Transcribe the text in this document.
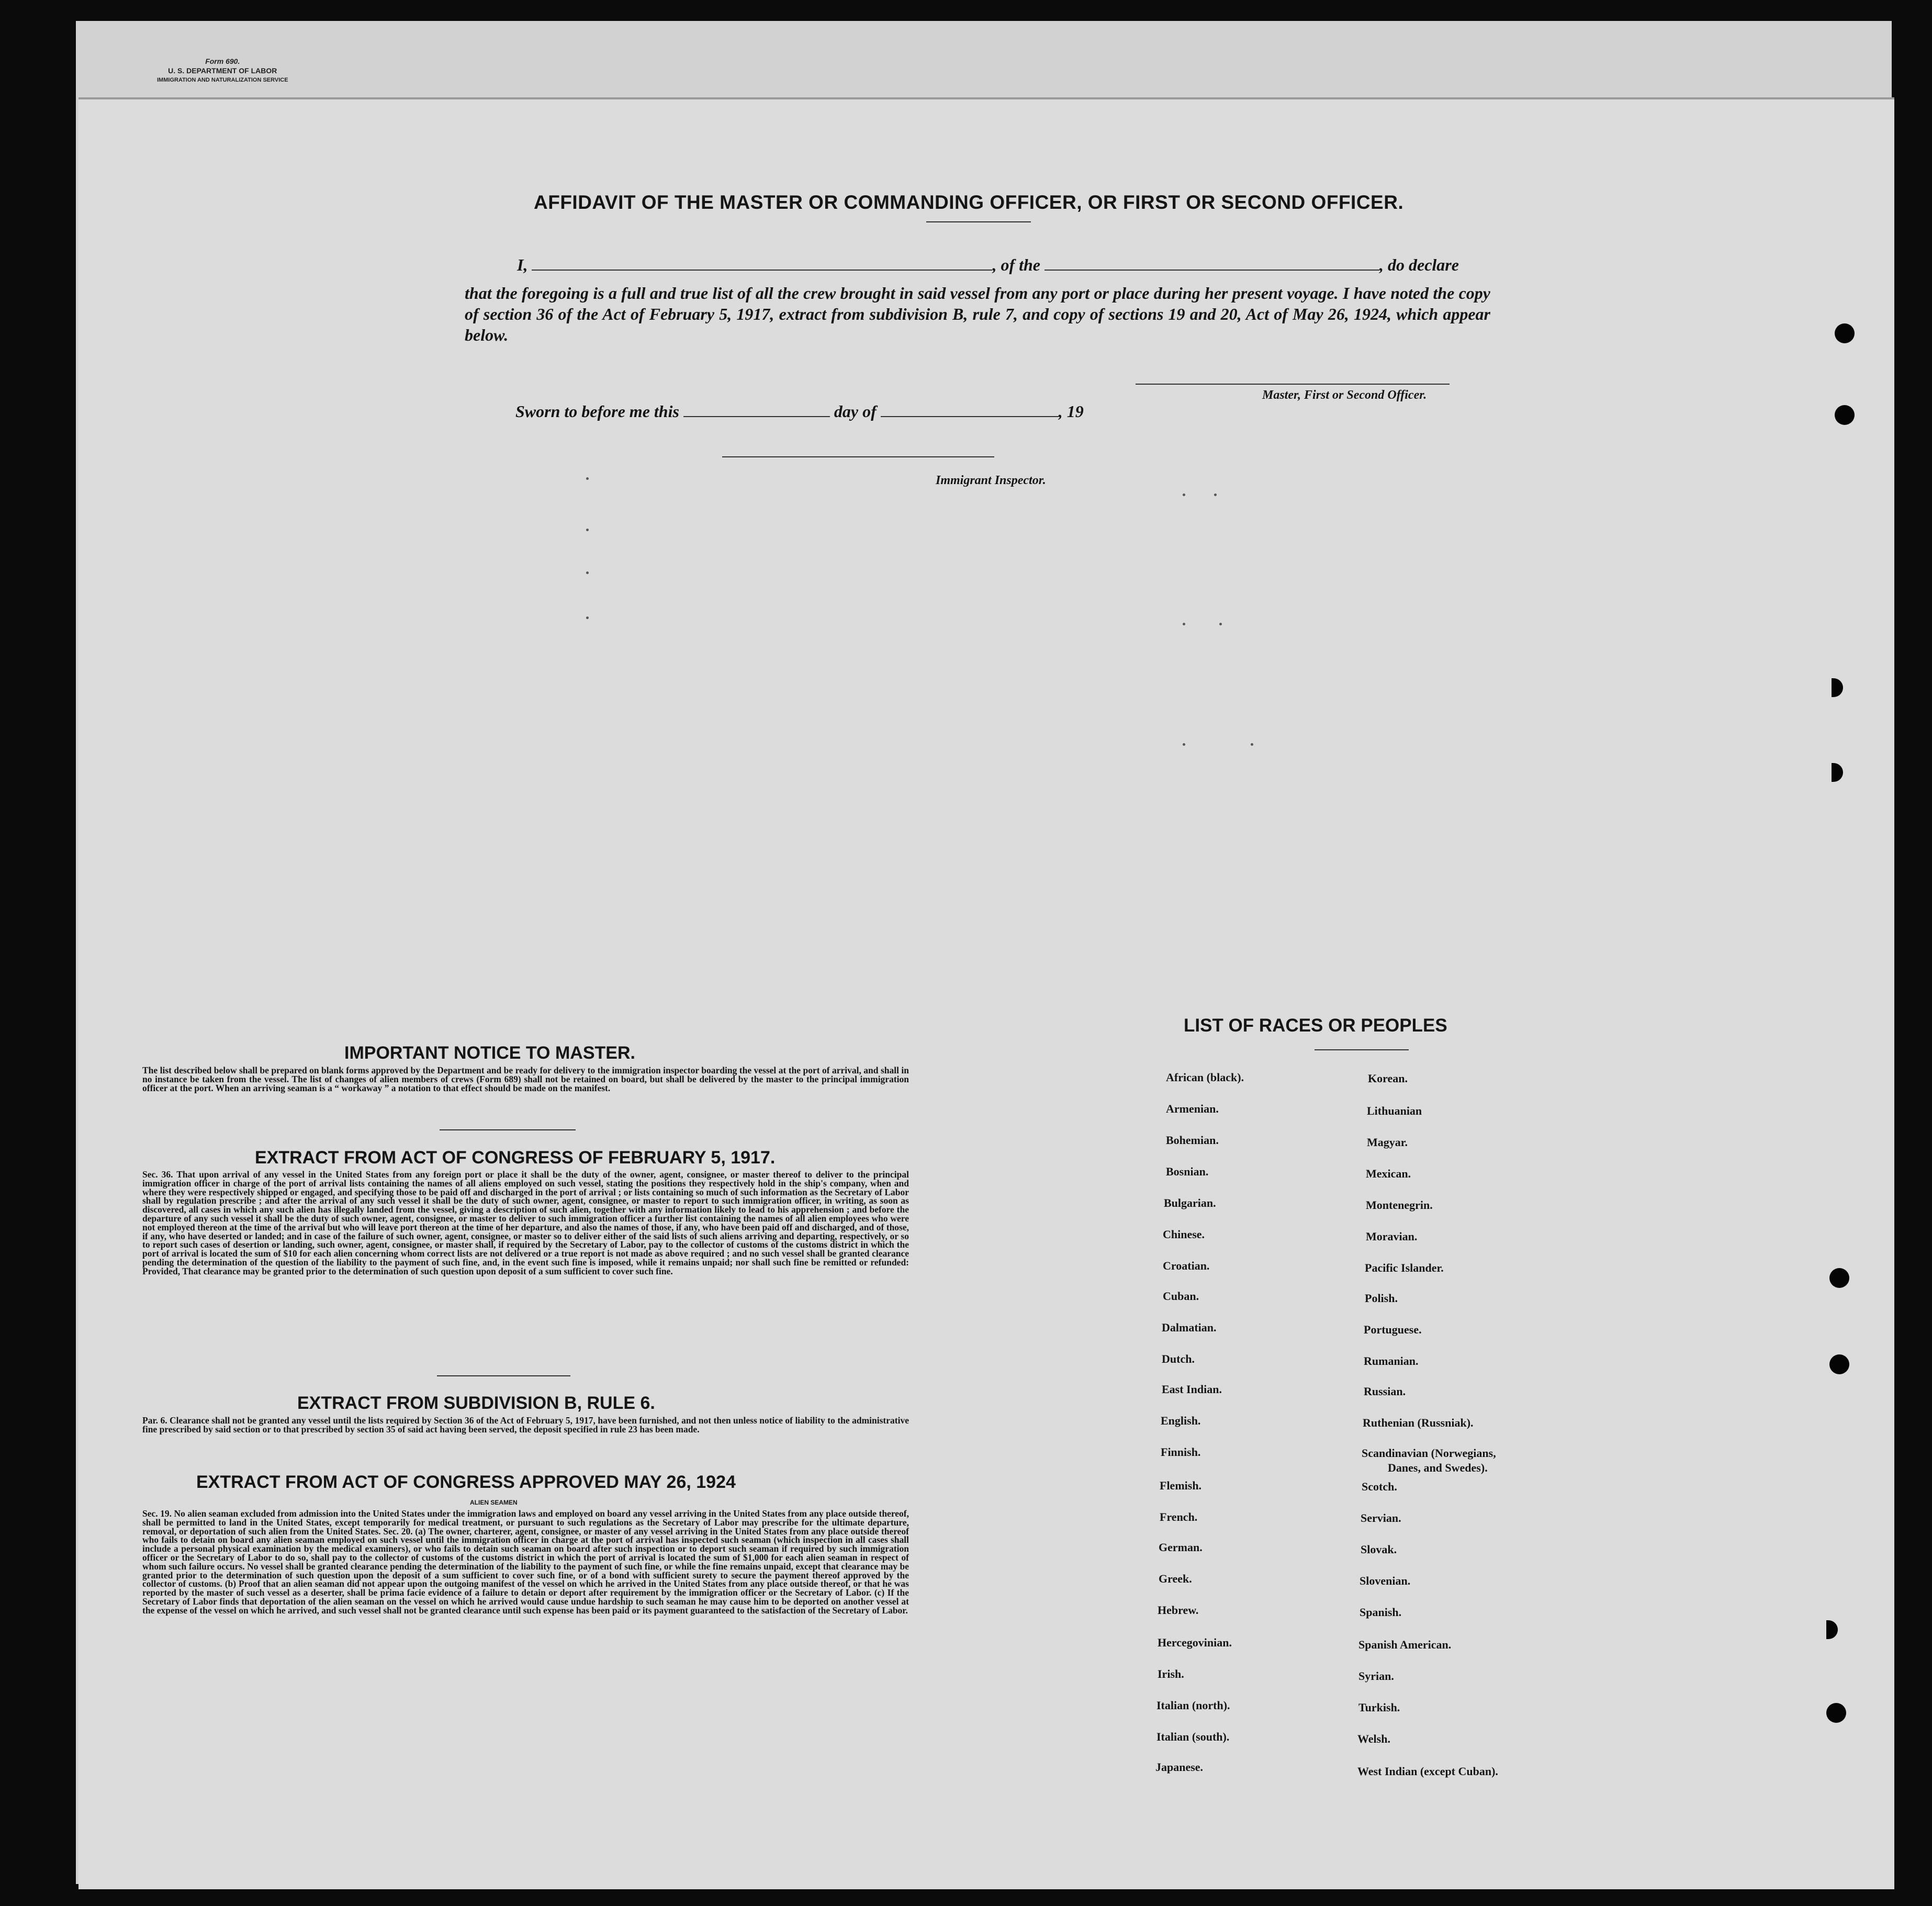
Form 690.
U. S. DEPARTMENT OF LABOR
IMMIGRATION AND NATURALIZATION SERVICE
AFFIDAVIT OF THE MASTER OR COMMANDING OFFICER, OR FIRST OR SECOND OFFICER.
I,	, of the	, do declare
that the foregoing is a full and true list of all the crew brought in said vessel from any port or place during her present voyage. I have noted the copy of section 36 of the Act of February 5, 1917, extract from subdivision B, rule 7, and copy of sections 19 and 20, Act of May 26, 1924, which appear below.
Master, First or Second Officer.
Sworn to before me this	day of	, 19
Immigrant Inspector.
IMPORTANT NOTICE TO MASTER.
The list described below shall be prepared on blank forms approved by the Department and be ready for delivery to the immigration inspector boarding the vessel at the port of arrival, and shall in no instance be taken from the vessel. The list of changes of alien members of crews (Form 689) shall not be retained on board, but shall be delivered by the master to the principal immigration officer at the port. When an arriving seaman is a “ workaway ” a notation to that effect should be made on the manifest.
EXTRACT FROM ACT OF CONGRESS OF FEBRUARY 5, 1917.
Sec. 36. That upon arrival of any vessel in the United States from any foreign port or place it shall be the duty of the owner, agent, consignee, or master thereof to deliver to the principal immigration officer in charge of the port of arrival lists containing the names of all aliens employed on such vessel, stating the positions they respectively hold in the ship's company, when and where they were respectively shipped or engaged, and specifying those to be paid off and discharged in the port of arrival ; or lists containing so much of such information as the Secretary of Labor shall by regulation prescribe ; and after the arrival of any such vessel it shall be the duty of such owner, agent, consignee, or master to report to such immigration officer, in writing, as soon as discovered, all cases in which any such alien has illegally landed from the vessel, giving a description of such alien, together with any information likely to lead to his apprehension ; and before the departure of any such vessel it shall be the duty of such owner, agent, consignee, or master to deliver to such immigration officer a further list containing the names of all alien employees who were not employed thereon at the time of the arrival but who will leave port thereon at the time of her departure, and also the names of those, if any, who have been paid off and discharged, and of those, if any, who have deserted or landed; and in case of the failure of such owner, agent, consignee, or master so to deliver either of the said lists of such aliens arriving and departing, respectively, or so to report such cases of desertion or landing, such owner, agent, consignee, or master shall, if required by the Secretary of Labor, pay to the collector of customs of the customs district in which the port of arrival is located the sum of $10 for each alien concerning whom correct lists are not delivered or a true report is not made as above required ; and no such vessel shall be granted clearance pending the determination of the question of the liability to the payment of such fine, and, in the event such fine is imposed, while it remains unpaid; nor shall such fine be remitted or refunded: Provided, That clearance may be granted prior to the determination of such question upon deposit of a sum sufficient to cover such fine.
EXTRACT FROM SUBDIVISION B, RULE 6.
Par. 6. Clearance shall not be granted any vessel until the lists required by Section 36 of the Act of February 5, 1917, have been furnished, and not then unless notice of liability to the administrative fine prescribed by said section or to that prescribed by section 35 of said act having been served, the deposit specified in rule 23 has been made.
EXTRACT FROM ACT OF CONGRESS APPROVED MAY 26, 1924
ALIEN SEAMEN
Sec. 19. No alien seaman excluded from admission into the United States under the immigration laws and employed on board any vessel arriving in the United States from any place outside thereof, shall be permitted to land in the United States, except temporarily for medical treatment, or pursuant to such regulations as the Secretary of Labor may prescribe for the ultimate departure, removal, or deportation of such alien from the United States. Sec. 20. (a) The owner, charterer, agent, consignee, or master of any vessel arriving in the United States from any place outside thereof who fails to detain on board any alien seaman employed on such vessel until the immigration officer in charge at the port of arrival has inspected such seaman (which inspection in all cases shall include a personal physical examination by the medical examiners), or who fails to detain such seaman on board after such inspection or to deport such seaman if required by such immigration officer or the Secretary of Labor to do so, shall pay to the collector of customs of the customs district in which the port of arrival is located the sum of $1,000 for each alien seaman in respect of whom such failure occurs. No vessel shall be granted clearance pending the determination of the liability to the payment of such fine, or while the fine remains unpaid, except that clearance may be granted prior to the determination of such question upon the deposit of a sum sufficient to cover such fine, or of a bond with sufficient surety to secure the payment thereof approved by the collector of customs. (b) Proof that an alien seaman did not appear upon the outgoing manifest of the vessel on which he arrived in the United States from any place outside thereof, or that he was reported by the master of such vessel as a deserter, shall be prima facie evidence of a failure to detain or deport after requirement by the immigration officer or the Secretary of Labor. (c) If the Secretary of Labor finds that deportation of the alien seaman on the vessel on which he arrived would cause undue hardship to such seaman he may cause him to be deported on another vessel at the expense of the vessel on which he arrived, and such vessel shall not be granted clearance until such expense has been paid or its payment guaranteed to the satisfaction of the Secretary of Labor.
LIST OF RACES OR PEOPLES
African (black).
Armenian.
Bohemian.
Bosnian.
Bulgarian.
Chinese.
Croatian.
Cuban.
Dalmatian.
Dutch.
East Indian.
English.
Finnish.
Flemish.
French.
German.
Greek.
Hebrew.
Hercegovinian.
Irish.
Italian (north).
Italian (south).
Japanese.
Korean.
Lithuanian
Magyar.
Mexican.
Montenegrin.
Moravian.
Pacific Islander.
Polish.
Portuguese.
Rumanian.
Russian.
Ruthenian (Russniak).
Scandinavian (Norwegians,
Danes, and Swedes).
Scotch.
Servian.
Slovak.
Slovenian.
Spanish.
Spanish American.
Syrian.
Turkish.
Welsh.
West Indian (except Cuban).
